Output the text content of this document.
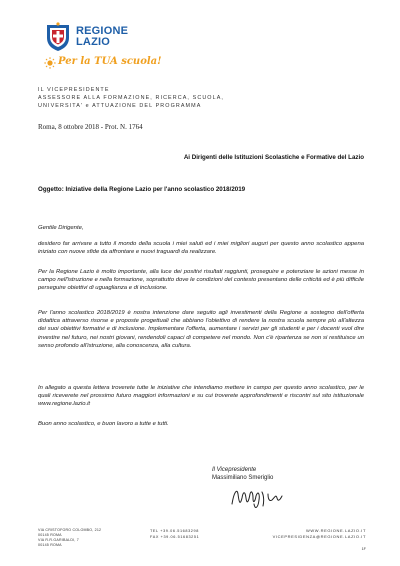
REGIONE
LAZIO
Per la TUA scuola!
IL VICEPRESIDENTE
ASSESSORE ALLA FORMAZIONE, RICERCA, SCUOLA,
UNIVERSITA' e ATTUAZIONE DEL PROGRAMMA
Roma, 8 ottobre 2018 - Prot. N. 1764
Ai Dirigenti delle Istituzioni Scolastiche e Formative del Lazio
Oggetto: Iniziative della Regione Lazio per l'anno scolastico 2018/2019
Gentile Dirigente,
desidero far arrivare a tutto il mondo della scuola i miei saluti ed i miei migliori auguri per questo anno scolastico appena iniziato con nuove sfide da affrontare e nuovi traguardi da realizzare.
Per la Regione Lazio è molto importante, alla luce dei positivi risultati raggiunti, proseguire e potenziare le azioni messe in campo nell'istruzione e nella formazione, soprattutto dove le condizioni del contesto presentano delle criticità ed è più difficile perseguire obiettivi di uguaglianza e di inclusione.
Per l'anno scolastico 2018/2019 è nostra intenzione dare seguito agli investimenti della Regione a sostegno dell'offerta didattica attraverso risorse e proposte progettuali che abbiano l'obiettivo di rendere la nostra scuola sempre più all'altezza dei suoi obiettivi formativi e di inclusione. Implementare l'offerta, aumentare i servizi per gli studenti e per i docenti vuol dire investire nel futuro, nei nostri giovani, rendendoli capaci di competere nel mondo. Non c'è ripartenza se non si restituisce un senso profondo all'istruzione, alla conoscenza, alla cultura.
In allegato a questa lettera troverete tutte le iniziative che intendiamo mettere in campo per questo anno scolastico, per le quali riceverete nel prossimo futuro maggiori informazioni e su cui troverete approfondimenti e riscontri sul sito istituzionale www.regione.lazio.it
Buon anno scolastico, e buon lavoro a tutte e tutti.
Il Vicepresidente
Massimiliano Smeriglio
VIA CRISTOFORO COLOMBO, 212
00145 ROMA
VIA R.R.GARIBALDI, 7
00145 ROMA
TEL +39.06.51683298
FAX +39.06.51683251
WWW.REGIONE.LAZIO.IT
VICEPRESIDENZA@REGIONE.LAZIO.IT
1F
